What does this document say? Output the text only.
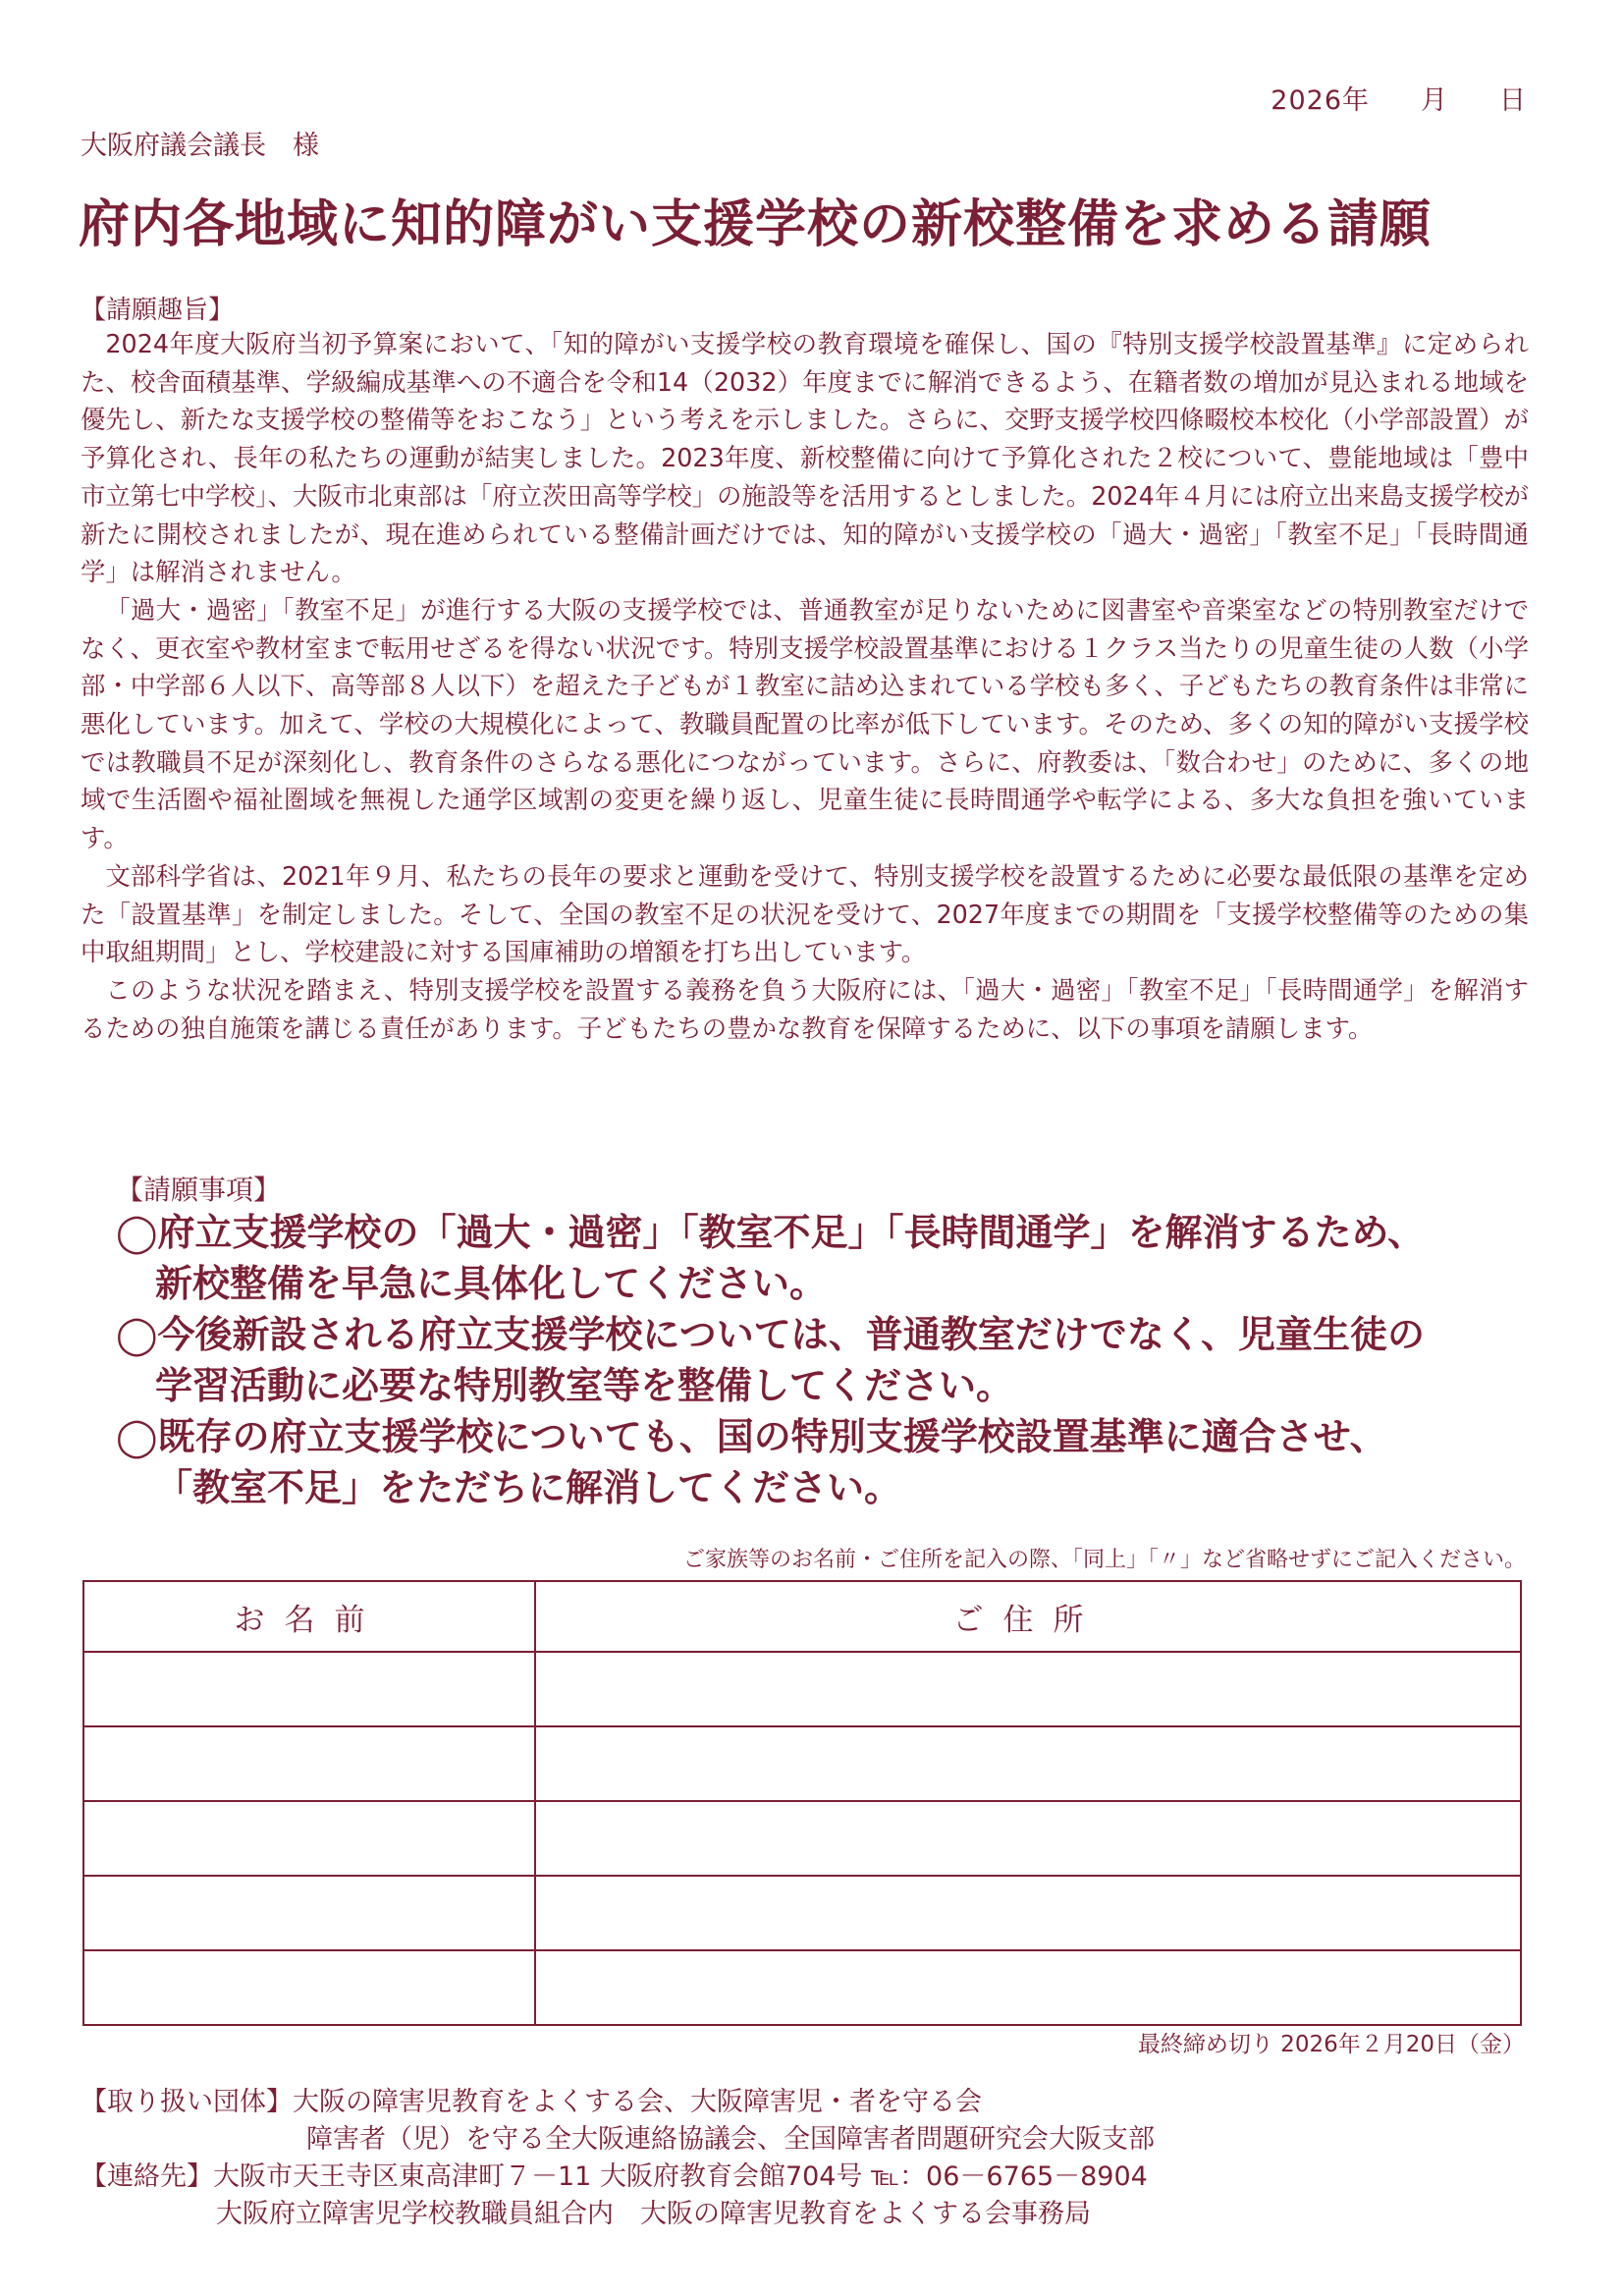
2026年 月 日
大阪府議会議長　様
府内各地域に知的障がい支援学校の新校整備を求める請願
【請願趣旨】

2024年度大阪府当初予算案において、「知的障がい支援学校の教育環境を確保し、国の『特別支援学校設置基準』に定められた、校舎面積基準、学級編成基準への不適合を令和14（2032）年度までに解消できるよう、在籍者数の増加が見込まれる地域を優先し、新たな支援学校の整備等をおこなう」という考えを示しました。さらに、交野支援学校四條畷校本校化（小学部設置）が予算化され、長年の私たちの運動が結実しました。2023年度、新校整備に向けて予算化された２校について、豊能地域は「豊中市立第七中学校」、大阪市北東部は「府立茨田高等学校」の施設等を活用するとしました。2024年４月には府立出来島支援学校が新たに開校されましたが、現在進められている整備計画だけでは、知的障がい支援学校の「過大・過密」「教室不足」「長時間通学」は解消されません。

「過大・過密」「教室不足」が進行する大阪の支援学校では、普通教室が足りないために図書室や音楽室などの特別教室だけでなく、更衣室や教材室まで転用せざるを得ない状況です。特別支援学校設置基準における１クラス当たりの児童生徒の人数（小学部・中学部６人以下、高等部８人以下）を超えた子どもが１教室に詰め込まれている学校も多く、子どもたちの教育条件は非常に悪化しています。加えて、学校の大規模化によって、教職員配置の比率が低下しています。そのため、多くの知的障がい支援学校では教職員不足が深刻化し、教育条件のさらなる悪化につながっています。さらに、府教委は、「数合わせ」のために、多くの地域で生活圏や福祉圏域を無視した通学区域割の変更を繰り返し、児童生徒に長時間通学や転学による、多大な負担を強いています。

文部科学省は、2021年９月、私たちの長年の要求と運動を受けて、特別支援学校を設置するために必要な最低限の基準を定めた「設置基準」を制定しました。そして、全国の教室不足の状況を受けて、2027年度までの期間を「支援学校整備等のための集中取組期間」とし、学校建設に対する国庫補助の増額を打ち出しています。

このような状況を踏まえ、特別支援学校を設置する義務を負う大阪府には、「過大・過密」「教室不足」「長時間通学」を解消するための独自施策を講じる責任があります。子どもたちの豊かな教育を保障するために、以下の事項を請願します。

【請願事項】
◯府立支援学校の「過大・過密」「教室不足」「長時間通学」を解消するため、
新校整備を早急に具体化してください。
◯今後新設される府立支援学校については、普通教室だけでなく、児童生徒の
学習活動に必要な特別教室等を整備してください。
◯既存の府立支援学校についても、国の特別支援学校設置基準に適合させ、
「教室不足」をただちに解消してください。
ご家族等のお名前・ご住所を記入の際、「同上」「〃」など省略せずにご記入ください。
お名前	ご住所

最終締め切り 2026年２月20日（金）
【取り扱い団体】大阪の障害児教育をよくする会、大阪障害児・者を守る会
障害者（児）を守る全大阪連絡協議会、全国障害者問題研究会大阪支部
【連絡先】大阪市天王寺区東高津町７－11 大阪府教育会館704号 ℡：06－6765－8904
大阪府立障害児学校教職員組合内　大阪の障害児教育をよくする会事務局
